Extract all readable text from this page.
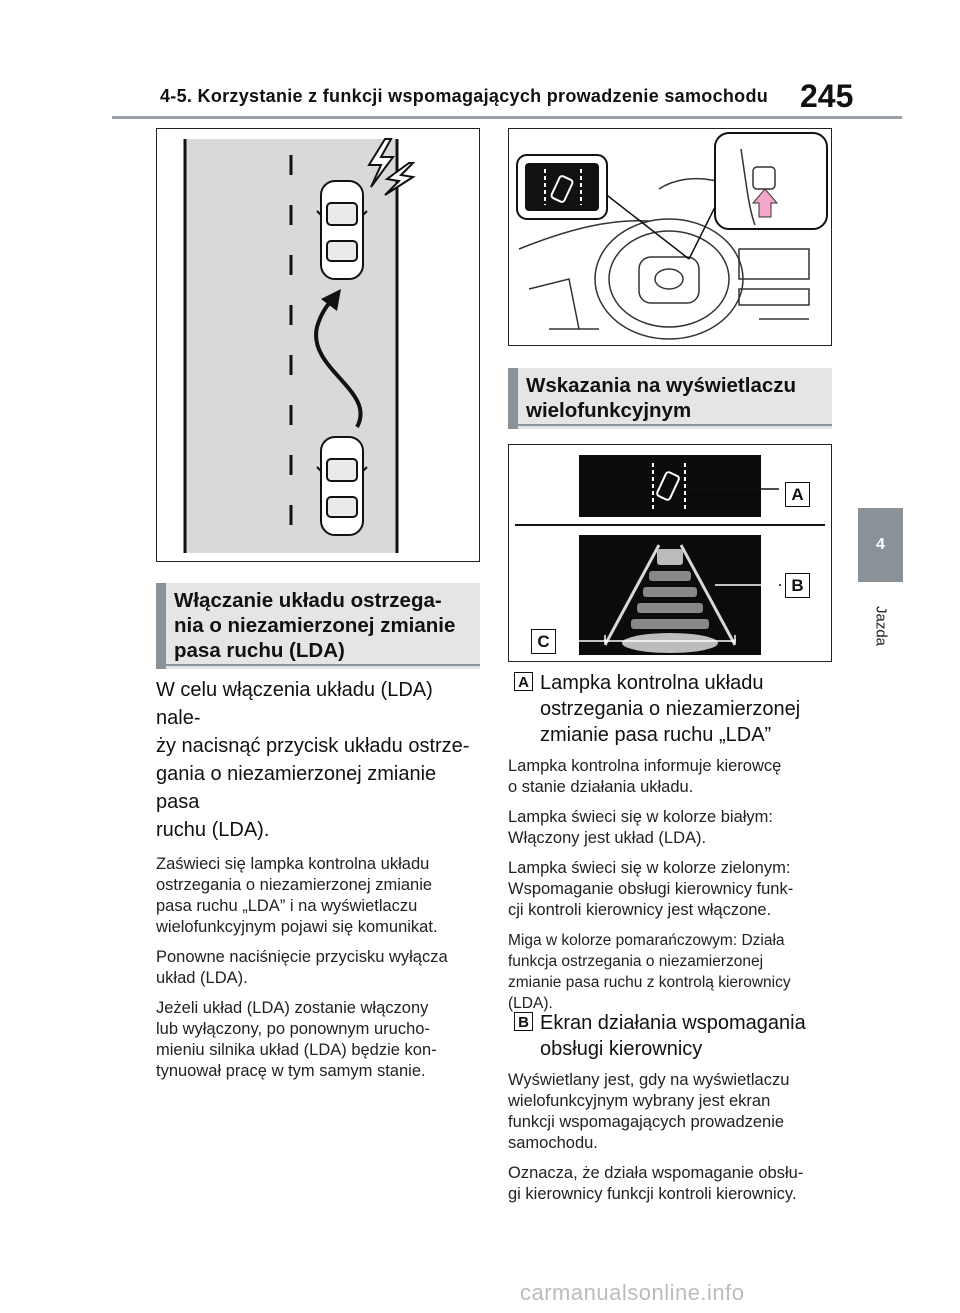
4-5. Korzystanie z funkcji wspomagających prowadzenie samochodu 245
4
Jazda
Włączanie układu ostrzega-
nia o niezamierzonej zmianie
pasa ruchu (LDA)
W celu włączenia układu (LDA) nale-
ży nacisnąć przycisk układu ostrze-
gania o niezamierzonej zmianie pasa
ruchu (LDA).
Zaświeci się lampka kontrolna układu
ostrzegania o niezamierzonej zmianie
pasa ruchu „LDA” i na wyświetlaczu
wielofunkcyjnym pojawi się komunikat.
Ponowne naciśnięcie przycisku wyłącza
układ (LDA).
Jeżeli układ (LDA) zostanie włączony
lub wyłączony, po ponownym urucho-
mieniu silnika układ (LDA) będzie kon-
tynuował pracę w tym samym stanie.
Wskazania na wyświetlaczu
wielofunkcyjnym
A
B
C
A Lampka kontrolna układu
ostrzegania o niezamierzonej
zmianie pasa ruchu „LDA”
Lampka kontrolna informuje kierowcę
o stanie działania układu.
Lampka świeci się w kolorze białym:
Włączony jest układ (LDA).
Lampka świeci się w kolorze zielonym:
Wspomaganie obsługi kierownicy funk-
cji kontroli kierownicy jest włączone.
Miga w kolorze pomarańczowym: Działa
funkcja ostrzegania o niezamierzonej
zmianie pasa ruchu z kontrolą kierownicy
(LDA).
B Ekran działania wspomagania
obsługi kierownicy
Wyświetlany jest, gdy na wyświetlaczu
wielofunkcyjnym wybrany jest ekran
funkcji wspomagających prowadzenie
samochodu.
Oznacza, że działa wspomaganie obsłu-
gi kierownicy funkcji kontroli kierownicy.
carmanualsonline.info
